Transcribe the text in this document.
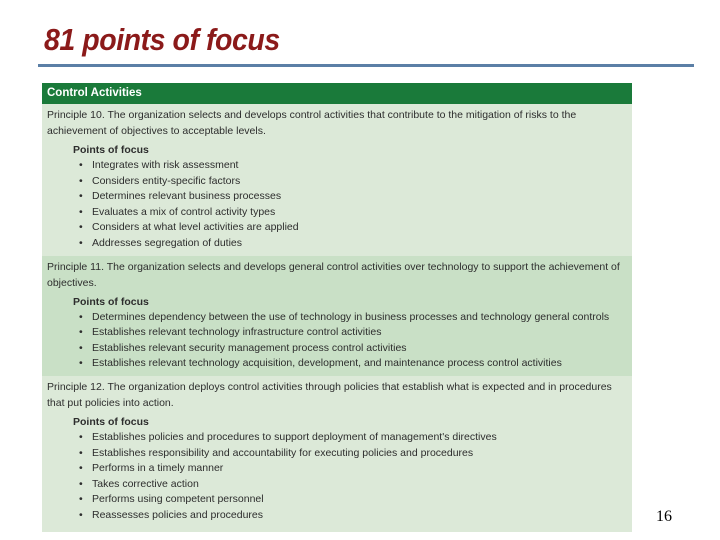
81 points of focus
Control Activities

Principle 10. The organization selects and develops control activities that contribute to the mitigation of risks to the achievement of objectives to acceptable levels.

Points of focus
• Integrates with risk assessment
• Considers entity-specific factors
• Determines relevant business processes
• Evaluates a mix of control activity types
• Considers at what level activities are applied
• Addresses segregation of duties

Principle 11. The organization selects and develops general control activities over technology to support the achievement of objectives.

Points of focus
• Determines dependency between the use of technology in business processes and technology general controls
• Establishes relevant technology infrastructure control activities
• Establishes relevant security management process control activities
• Establishes relevant technology acquisition, development, and maintenance process control activities

Principle 12. The organization deploys control activities through policies that establish what is expected and in procedures that put policies into action.

Points of focus
• Establishes policies and procedures to support deployment of management's directives
• Establishes responsibility and accountability for executing policies and procedures
• Performs in a timely manner
• Takes corrective action
• Performs using competent personnel
• Reassesses policies and procedures	16
